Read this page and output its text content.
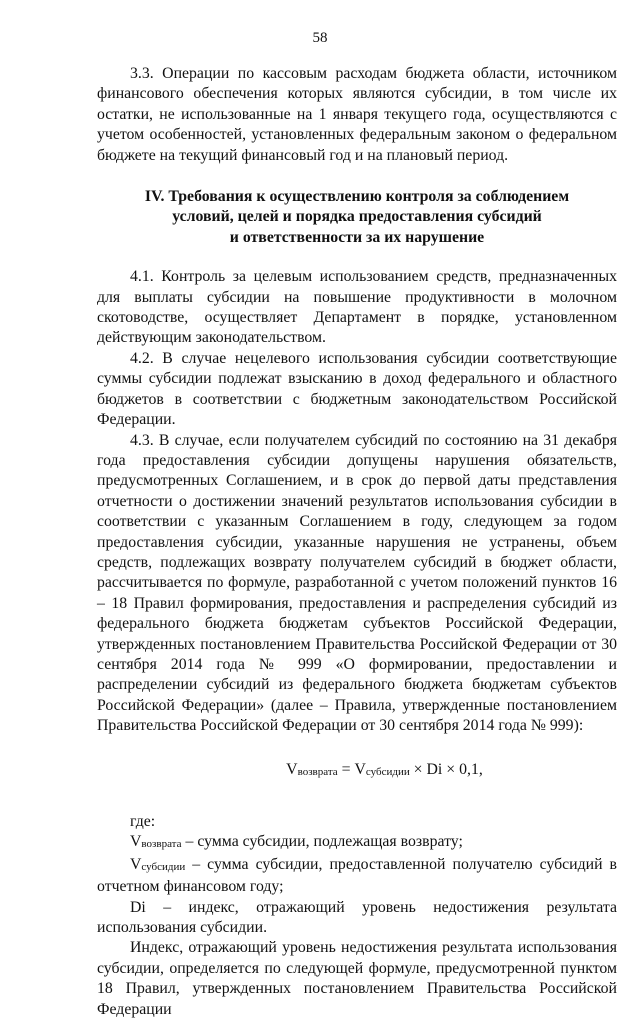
58

3.3. Операции по кассовым расходам бюджета области, источником финансового обеспечения которых являются субсидии, в том числе их остатки, не использованные на 1 января текущего года, осуществляются с учетом особенностей, установленных федеральным законом о федеральном бюджете на текущий финансовый год и на плановый период.

IV. Требования к осуществлению контроля за соблюдением
условий, целей и порядка предоставления субсидий
и ответственности за их нарушение

4.1. Контроль за целевым использованием средств, предназначенных для выплаты субсидии на повышение продуктивности в молочном скотоводстве, осуществляет Департамент в порядке, установленном действующим законодательством.

4.2. В случае нецелевого использования субсидии соответствующие суммы субсидии подлежат взысканию в доход федерального и областного бюджетов в соответствии с бюджетным законодательством Российской Федерации.

4.3. В случае, если получателем субсидий по состоянию на 31 декабря года предоставления субсидии допущены нарушения обязательств, предусмотренных Соглашением, и в срок до первой даты представления отчетности о достижении значений результатов использования субсидии в соответствии с указанным Соглашением в году, следующем за годом предоставления субсидии, указанные нарушения не устранены, объем средств, подлежащих возврату получателем субсидий в бюджет области, рассчитывается по формуле, разработанной с учетом положений пунктов 16 – 18 Правил формирования, предоставления и распределения субсидий из федерального бюджета бюджетам субъектов Российской Федерации, утвержденных постановлением Правительства Российской Федерации от 30 сентября 2014 года № 999 «О формировании, предоставлении и распределении субсидий из федерального бюджета бюджетам субъектов Российской Федерации» (далее – Правила, утвержденные постановлением Правительства Российской Федерации от 30 сентября 2014 года № 999):

Vвозврата = Vсубсидии × Di × 0,1,

где:

Vвозврата – сумма субсидии, подлежащая возврату;

Vсубсидии – сумма субсидии, предоставленной получателю субсидий в отчетном финансовом году;

Di – индекс, отражающий уровень недостижения результата использования субсидии.

Индекс, отражающий уровень недостижения результата использования субсидии, определяется по следующей формуле, предусмотренной пунктом 18 Правил, утвержденных постановлением Правительства Российской Федерации
